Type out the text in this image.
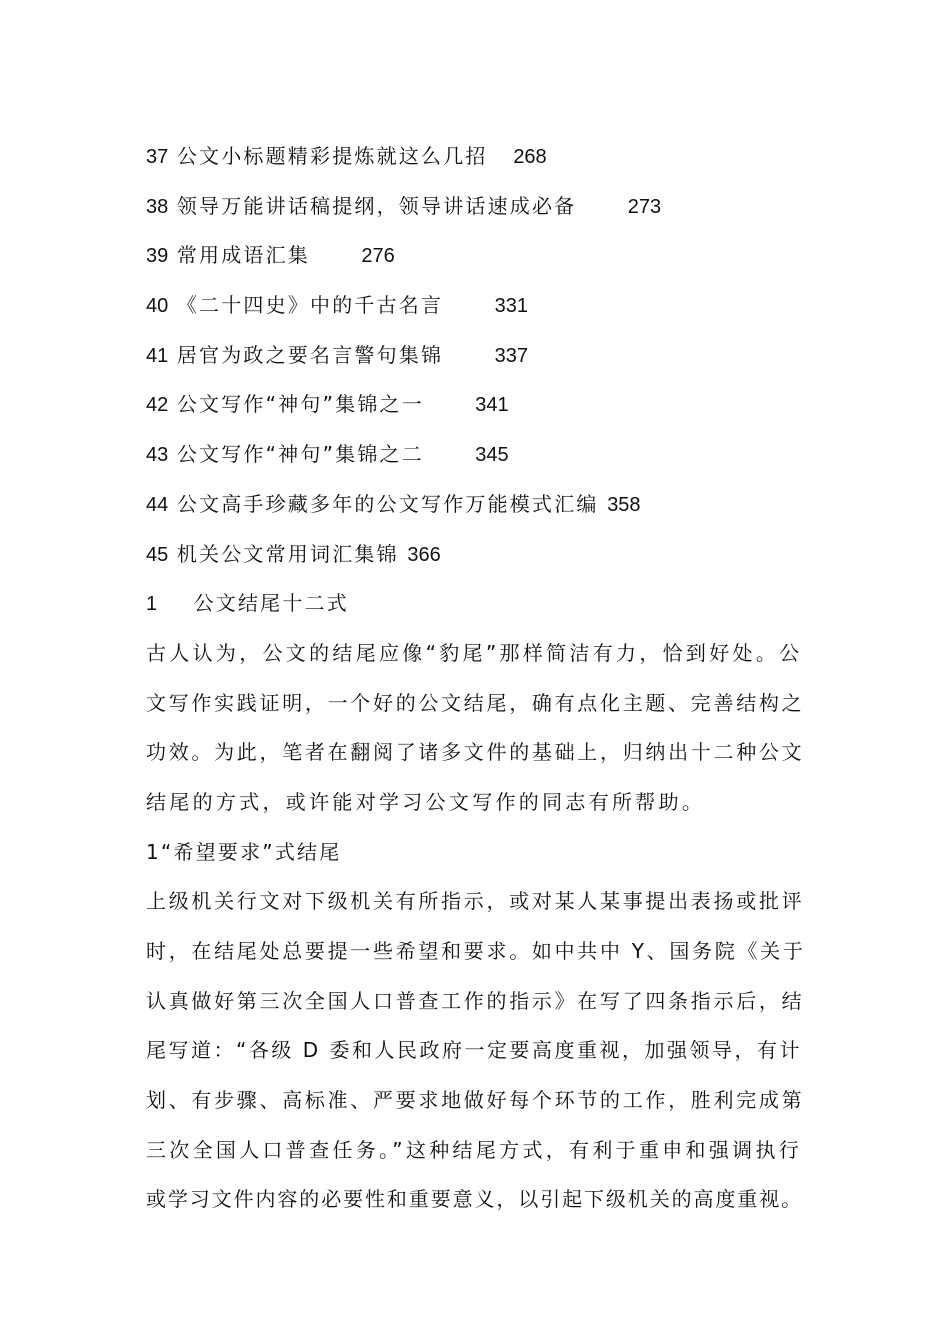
37 公文小标题精彩提炼就这么几招 268
38 领导万能讲话稿提纲，领导讲话速成必备	273
39 常用成语汇集	276
40 《二十四史》中的千古名言	331
41 居官为政之要名言警句集锦	337
42 公文写作“神句”集锦之一	341
43 公文写作“神句”集锦之二	345
44 公文高手珍藏多年的公文写作万能模式汇编 358
45 机关公文常用词汇集锦 366
1 公文结尾十二式
古人认为，公文的结尾应像“豹尾”那样简洁有力，恰到好处。公
文写作实践证明，一个好的公文结尾，确有点化主题、完善结构之
功效。为此，笔者在翻阅了诸多文件的基础上，归纳出十二种公文
结尾的方式，或许能对学习公文写作的同志有所帮助。
1“希望要求”式结尾
上级机关行文对下级机关有所指示，或对某人某事提出表扬或批评
时，在结尾处总要提一些希望和要求。如中共中 Y、国务院《关于
认真做好第三次全国人口普查工作的指示》在写了四条指示后，结
尾写道：“各级 D 委和人民政府一定要高度重视，加强领导，有计
划、有步骤、高标准、严要求地做好每个环节的工作，胜利完成第
三次全国人口普查任务。”这种结尾方式，有利于重申和强调执行
或学习文件内容的必要性和重要意义，以引起下级机关的高度重视。
